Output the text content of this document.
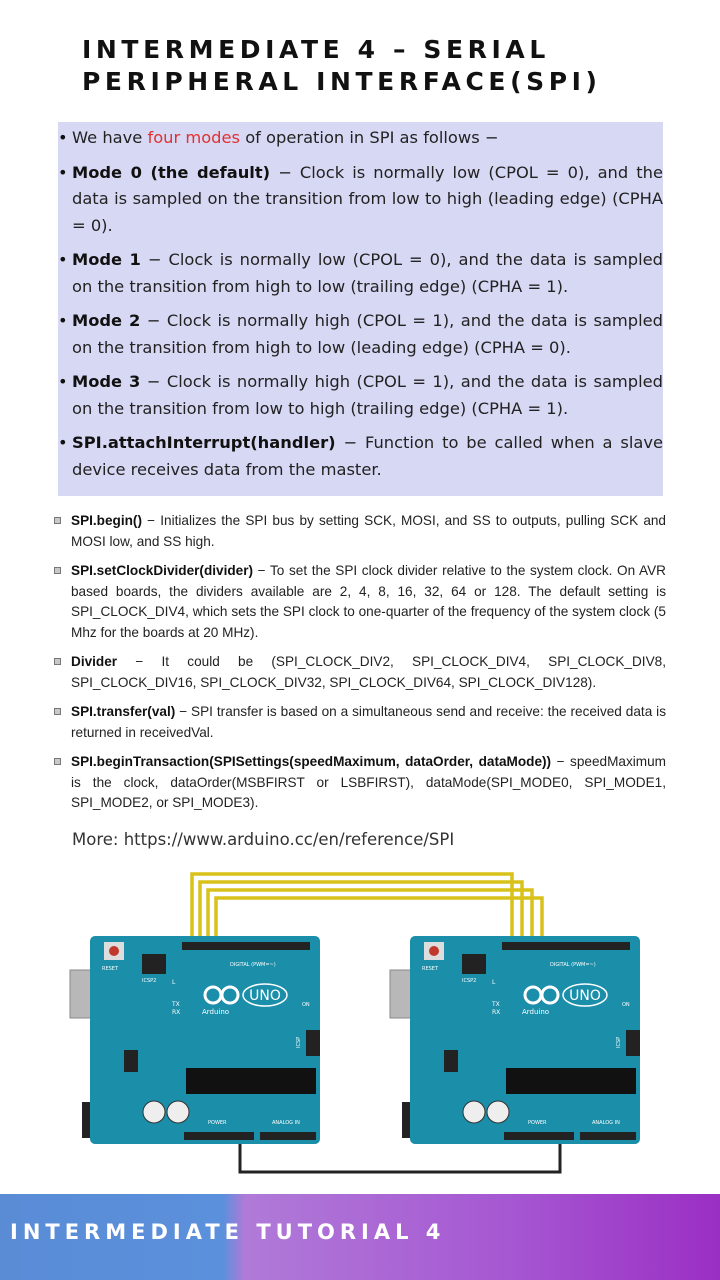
INTERMEDIATE 4 – SERIAL
PERIPHERAL INTERFACE(SPI)
• We have four modes of operation in SPI as follows −
• Mode 0 (the default) − Clock is normally low (CPOL = 0), and the data is sampled on the transition from low to high (leading edge) (CPHA = 0).
• Mode 1 − Clock is normally low (CPOL = 0), and the data is sampled on the transition from high to low (trailing edge) (CPHA = 1).
• Mode 2 − Clock is normally high (CPOL = 1), and the data is sampled on the transition from high to low (leading edge) (CPHA = 0).
• Mode 3 − Clock is normally high (CPOL = 1), and the data is sampled on the transition from low to high (trailing edge) (CPHA = 1).
• SPI.attachInterrupt(handler) − Function to be called when a slave device receives data from the master.
SPI.begin() − Initializes the SPI bus by setting SCK, MOSI, and SS to outputs, pulling SCK and MOSI low, and SS high.
SPI.setClockDivider(divider) − To set the SPI clock divider relative to the system clock. On AVR based boards, the dividers available are 2, 4, 8, 16, 32, 64 or 128. The default setting is SPI_CLOCK_DIV4, which sets the SPI clock to one-quarter of the frequency of the system clock (5 Mhz for the boards at 20 MHz).
Divider − It could be (SPI_CLOCK_DIV2, SPI_CLOCK_DIV4, SPI_CLOCK_DIV8, SPI_CLOCK_DIV16, SPI_CLOCK_DIV32, SPI_CLOCK_DIV64, SPI_CLOCK_DIV128).
SPI.transfer(val) − SPI transfer is based on a simultaneous send and receive: the received data is returned in receivedVal.
SPI.beginTransaction(SPISettings(speedMaximum, dataOrder, dataMode)) − speedMaximum is the clock, dataOrder(MSBFIRST or LSBFIRST), dataMode(SPI_MODE0, SPI_MODE1, SPI_MODE2, or SPI_MODE3).
More: https://www.arduino.cc/en/reference/SPI
RESET
ICSP2
DIGITAL (PWM=~)
L
TX
RX
UNO
Arduino
ON
ICSP
POWER	ANALOG IN
RESET
ICSP2
DIGITAL (PWM=~)
L
TX
RX
UNO
Arduino
ON
ICSP
POWER	ANALOG IN
INTERMEDIATE TUTORIAL 4
